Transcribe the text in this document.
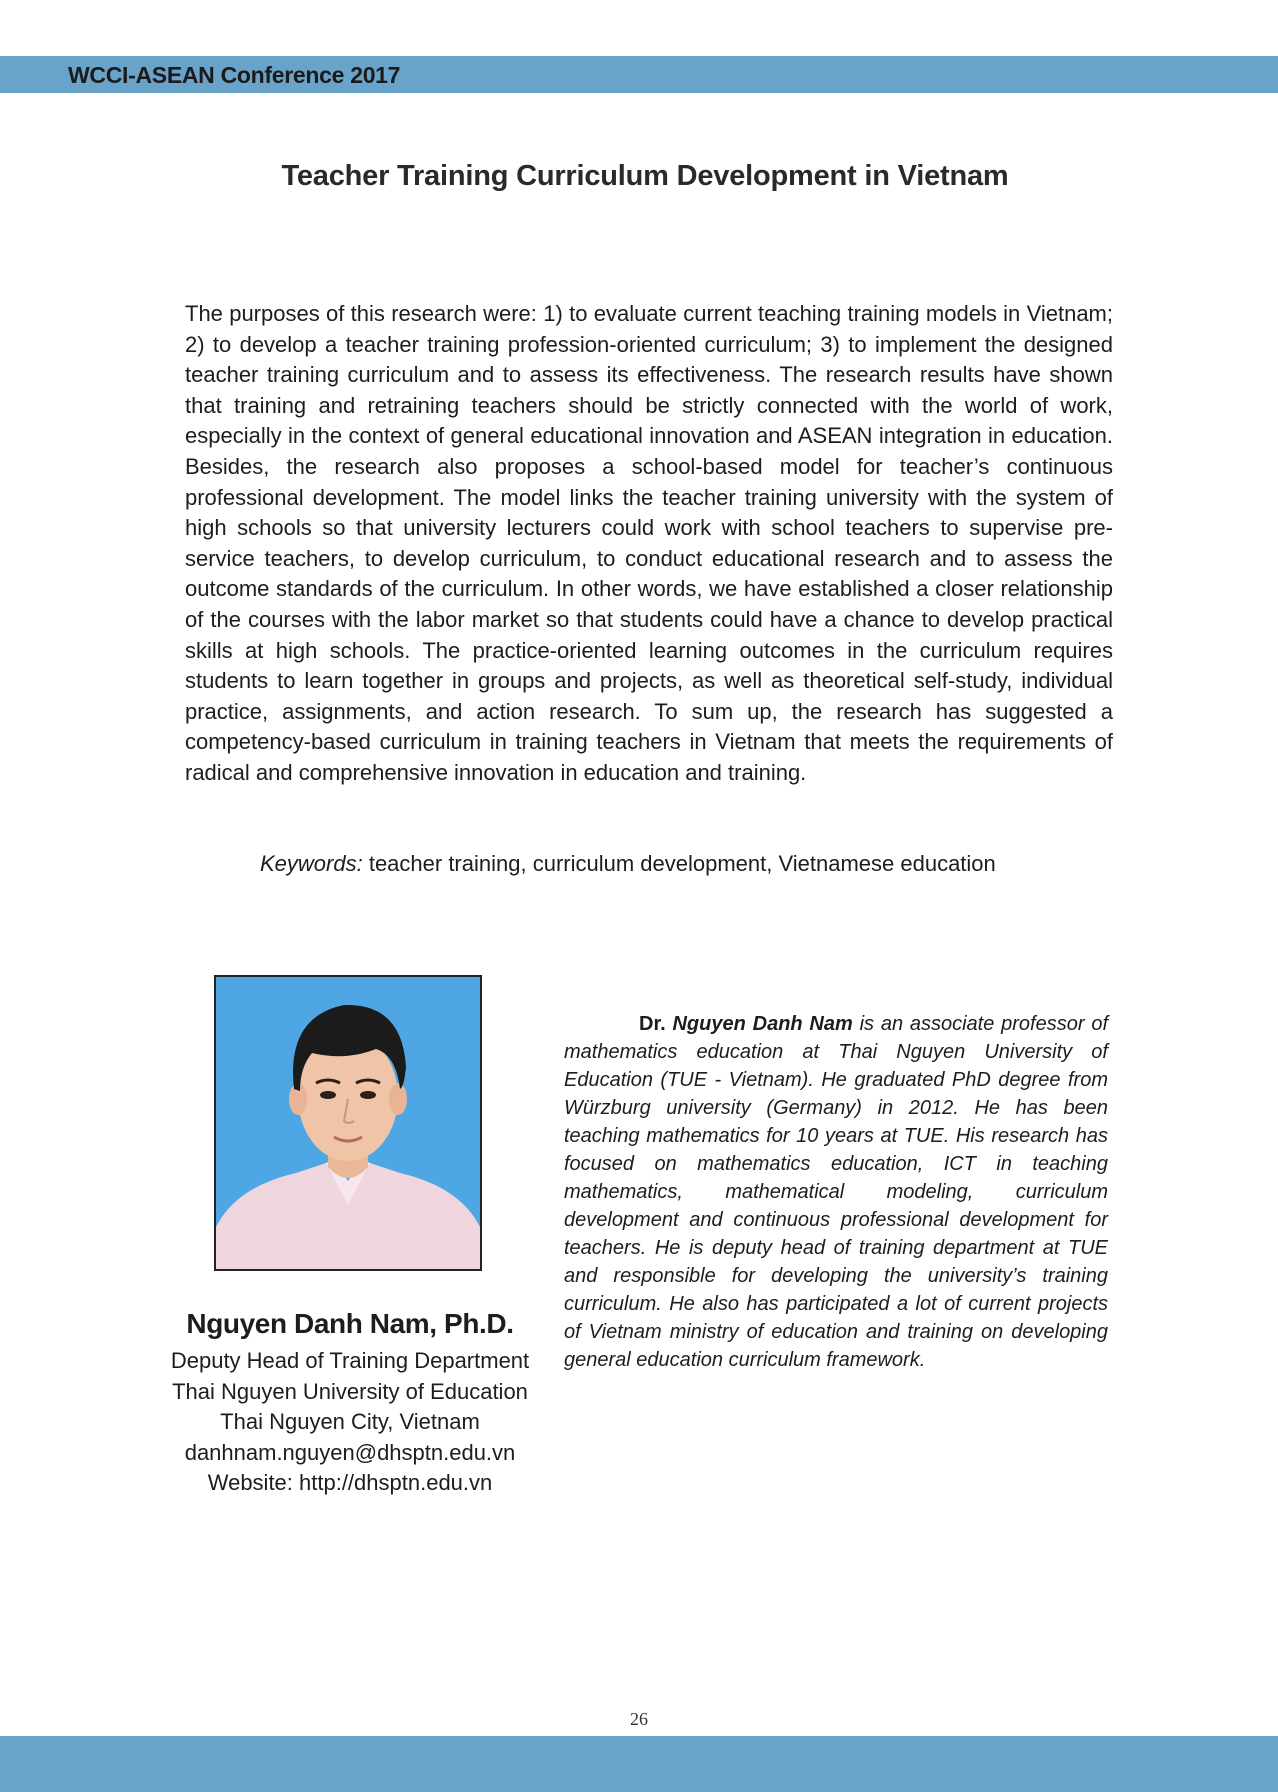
WCCI-ASEAN Conference 2017
Teacher Training Curriculum Development in Vietnam
The purposes of this research were: 1) to evaluate current teaching training models in Vietnam; 2) to develop a teacher training profession-oriented curriculum; 3) to implement the designed teacher training curriculum and to assess its effectiveness. The research results have shown that training and retraining teachers should be strictly connected with the world of work, especially in the context of general educational innovation and ASEAN integration in education. Besides, the research also proposes a school-based model for teacher’s continuous professional development. The model links the teacher training university with the system of high schools so that university lecturers could work with school teachers to supervise pre-service teachers, to develop curriculum, to conduct educational research and to assess the outcome standards of the curriculum. In other words, we have established a closer relationship of the courses with the labor market so that students could have a chance to develop practical skills at high schools. The practice-oriented learning outcomes in the curriculum requires students to learn together in groups and projects, as well as theoretical self-study, individual practice, assignments, and action research. To sum up, the research has suggested a competency-based curriculum in training teachers in Vietnam that meets the requirements of radical and comprehensive innovation in education and training.
Keywords: teacher training, curriculum development, Vietnamese education
Nguyen Danh Nam, Ph.D.
Deputy Head of Training Department
Thai Nguyen University of Education
Thai Nguyen City, Vietnam
danhnam.nguyen@dhsptn.edu.vn
Website: http://dhsptn.edu.vn
Dr. Nguyen Danh Nam is an associate professor of mathematics education at Thai Nguyen University of Education (TUE - Vietnam). He graduated PhD degree from Würzburg university (Germany) in 2012. He has been teaching mathematics for 10 years at TUE. His research has focused on mathematics education, ICT in teaching mathematics, mathematical modeling, curriculum development and continuous professional development for teachers. He is deputy head of training department at TUE and responsible for developing the university’s training curriculum. He also has participated a lot of current projects of Vietnam ministry of education and training on developing general education curriculum framework.
26
